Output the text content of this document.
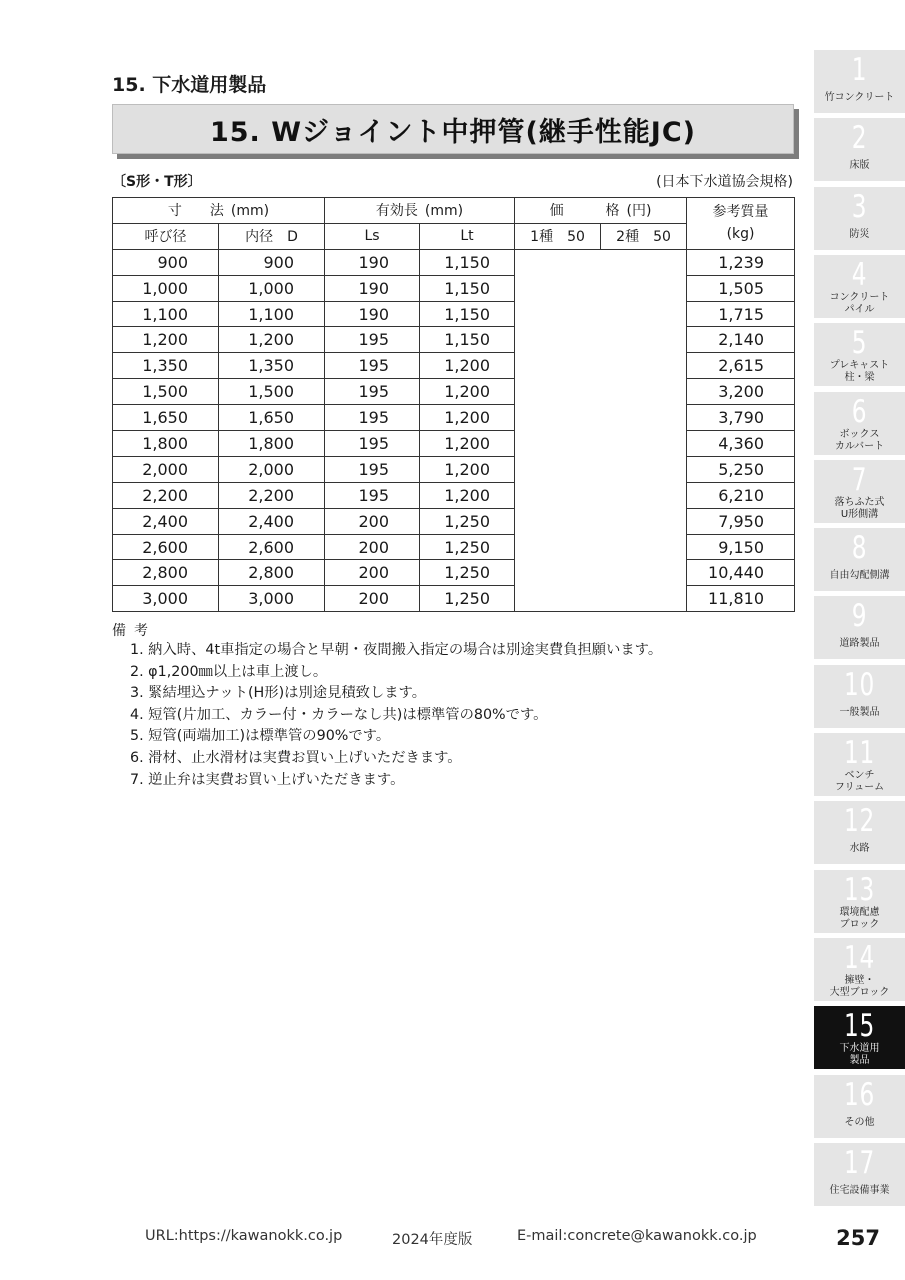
15. 下水道用製品
15. Wジョイント中押管(継手性能JC)
〔S形・T形〕	(日本下水道協会規格)
寸　　法 (mm)		有効長 (mm)		価　　　格 (円)		参考質量
(kg)

呼び径	内径　D	Ls	Lt	1種　50	2種　50	
900	900	190	1,150			1,239
1,000	1,000	190	1,150			1,505
1,100	1,100	190	1,150			1,715
1,200	1,200	195	1,150			2,140
1,350	1,350	195	1,200			2,615
1,500	1,500	195	1,200			3,200
1,650	1,650	195	1,200			3,790
1,800	1,800	195	1,200			4,360
2,000	2,000	195	1,200			5,250
2,200	2,200	195	1,200			6,210
2,400	2,400	200	1,250			7,950
2,600	2,600	200	1,250			9,150
2,800	2,800	200	1,250			10,440
3,000	3,000	200	1,250			11,810
備考
1. 納入時、4t車指定の場合と早朝・夜間搬入指定の場合は別途実費負担願います。
2. φ1,200㎜以上は車上渡し。
3. 緊結埋込ナット(H形)は別途見積致します。
4. 短管(片加工、カラー付・カラーなし共)は標準管の80%です。
5. 短管(両端加工)は標準管の90%です。
6. 滑材、止水滑材は実費お買い上げいただきます。
7. 逆止弁は実費お買い上げいただきます。
1
竹コンクリート
2
床版
3
防災
4
コンクリート
パイル
5
プレキャスト
柱・梁
6
ボックス
カルバート
7
落ちふた式
U形側溝
8
自由勾配側溝
9
道路製品
10
一般製品
11
ベンチ
フリューム
12
水路
13
環境配慮
ブロック
14
擁壁・
大型ブロック
15
下水道用
製品
16
その他
17
住宅設備事業
URL:https://kawanokk.co.jp	2024年度版	E-mail:concrete@kawanokk.co.jp	257
